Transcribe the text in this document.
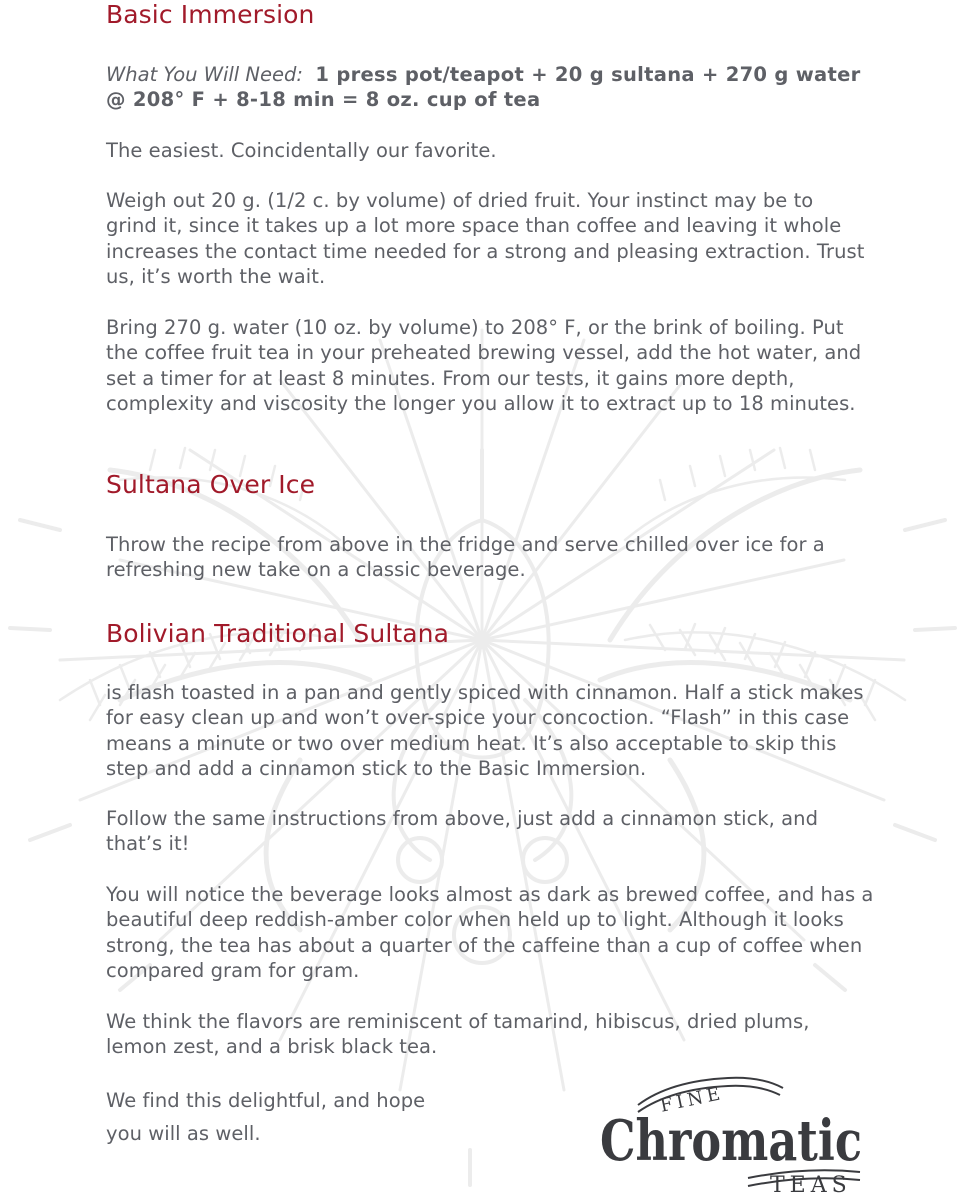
Basic Immersion

What You Will Need: 1 press pot/teapot + 20 g sultana + 270 g water @ 208° F + 8-18 min = 8 oz. cup of tea

The easiest. Coincidentally our favorite.

Weigh out 20 g. (1/2 c. by volume) of dried fruit. Your instinct may be to grind it, since it takes up a lot more space than coffee and leaving it whole increases the contact time needed for a strong and pleasing extraction. Trust us, it’s worth the wait.

Bring 270 g. water (10 oz. by volume) to 208° F, or the brink of boiling. Put the coffee fruit tea in your preheated brewing vessel, add the hot water, and set a timer for at least 8 minutes. From our tests, it gains more depth, complexity and viscosity the longer you allow it to extract up to 18 minutes.

Sultana Over Ice

Throw the recipe from above in the fridge and serve chilled over ice for a refreshing new take on a classic beverage.

Bolivian Traditional Sultana

is flash toasted in a pan and gently spiced with cinnamon. Half a stick makes for easy clean up and won’t over-spice your concoction. “Flash” in this case means a minute or two over medium heat. It’s also acceptable to skip this step and add a cinnamon stick to the Basic Immersion.

Follow the same instructions from above, just add a cinnamon stick, and that’s it!

You will notice the beverage looks almost as dark as brewed coffee, and has a beautiful deep reddish-amber color when held up to light. Although it looks strong, the tea has about a quarter of the caffeine than a cup of coffee when compared gram for gram.

We think the flavors are reminiscent of tamarind, hibiscus, dried plums, lemon zest, and a brisk black tea.

We find this delightful, and hope you will as well.

FINE
Chromatic
TEAS
